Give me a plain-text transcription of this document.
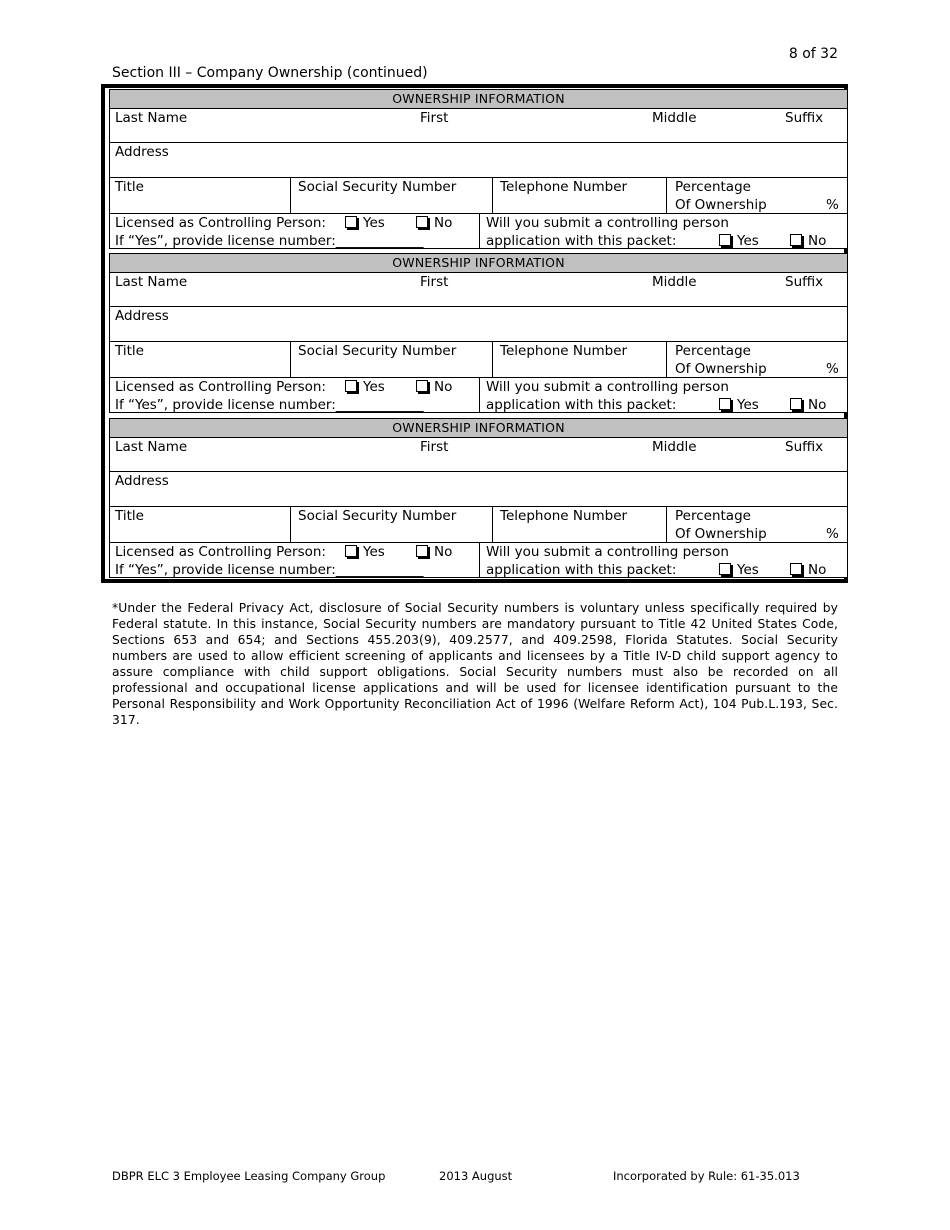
8 of 32
Section III – Company Ownership (continued)
OWNERSHIP INFORMATION
Last Name	First	Middle	Suffix
Address
Title	Social Security Number	Telephone Number	Percentage
Of Ownership	%
Licensed as Controlling Person:	Yes	No
If “Yes”, provide license number:_____________
Will you submit a controlling person
application with this packet:	Yes	No
OWNERSHIP INFORMATION
Last Name	First	Middle	Suffix
Address
Title	Social Security Number	Telephone Number	Percentage
Of Ownership	%
Licensed as Controlling Person:	Yes	No
If “Yes”, provide license number:_____________
Will you submit a controlling person
application with this packet:	Yes	No
OWNERSHIP INFORMATION
Last Name	First	Middle	Suffix
Address
Title	Social Security Number	Telephone Number	Percentage
Of Ownership	%
Licensed as Controlling Person:	Yes	No
If “Yes”, provide license number:_____________
Will you submit a controlling person
application with this packet:	Yes	No
*Under the Federal Privacy Act, disclosure of Social Security numbers is voluntary unless specifically required by Federal statute. In this instance, Social Security numbers are mandatory pursuant to Title 42 United States Code, Sections 653 and 654; and Sections 455.203(9), 409.2577, and 409.2598, Florida Statutes. Social Security numbers are used to allow efficient screening of applicants and licensees by a Title IV-D child support agency to assure compliance with child support obligations. Social Security numbers must also be recorded on all professional and occupational license applications and will be used for licensee identification pursuant to the Personal Responsibility and Work Opportunity Reconciliation Act of 1996 (Welfare Reform Act), 104 Pub.L.193, Sec. 317.
DBPR ELC 3 Employee Leasing Company Group	2013 August	Incorporated by Rule: 61-35.013
